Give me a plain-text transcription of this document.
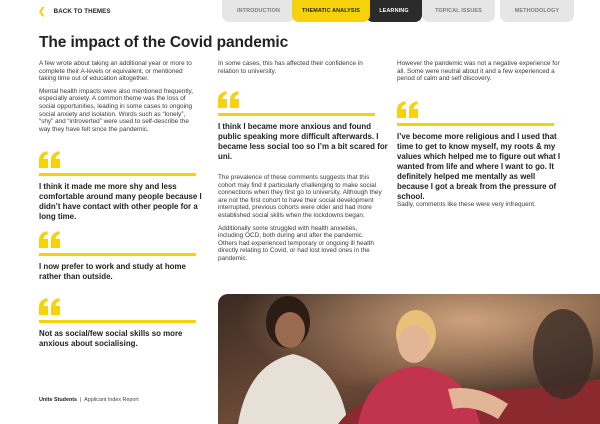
❮ BACK TO THEMES	INTRODUCTION	THEMATIC ANALYSIS	LEARNING	TOPICAL ISSUES	METHODOLOGY
The impact of the Covid pandemic

A few wrote about taking an additional year or more to complete their A-levels or equivalent, or mentioned taking time out of education altogether.

Mental health impacts were also mentioned frequently, especially anxiety. A common theme was the loss of social opportunities, leading in some cases to ongoing social anxiety and isolation. Words such as “lonely”, “shy” and “introverted” were used to self-describe the way they have felt since the pandemic.

I think it made me more shy and less comfortable around many people because I didn’t have contact with other people for a long time.

I now prefer to work and study at home rather than outside.

Not as social/few social skills so more anxious about socialising.

In some cases, this has affected their confidence in relation to university.

I think I became more anxious and found public speaking more difficult afterwards. I became less social too so I’m a bit scared for uni.

The prevalence of these comments suggests that this cohort may find it particularly challenging to make social connections when they first go to university. Although they are not the first cohort to have their social development interrupted, previous cohorts were older and had more established social skills when the lockdowns began.

Additionally some struggled with health anxieties, including OCD, both during and after the pandemic. Others had experienced temporary or ongoing ill health directly relating to Covid, or had lost loved ones in the pandemic.

However the pandemic was not a negative experience for all. Some were neutral about it and a few experienced a period of calm and self discovery.

I’ve become more religious and I used that time to get to know myself, my roots & my values which helped me to figure out what I wanted from life and where I want to go. It definitely helped me mentally as well because I got a break from the pressure of school.

Sadly, comments like these were very infrequent.

Unite Students | Applicant Index Report	30
